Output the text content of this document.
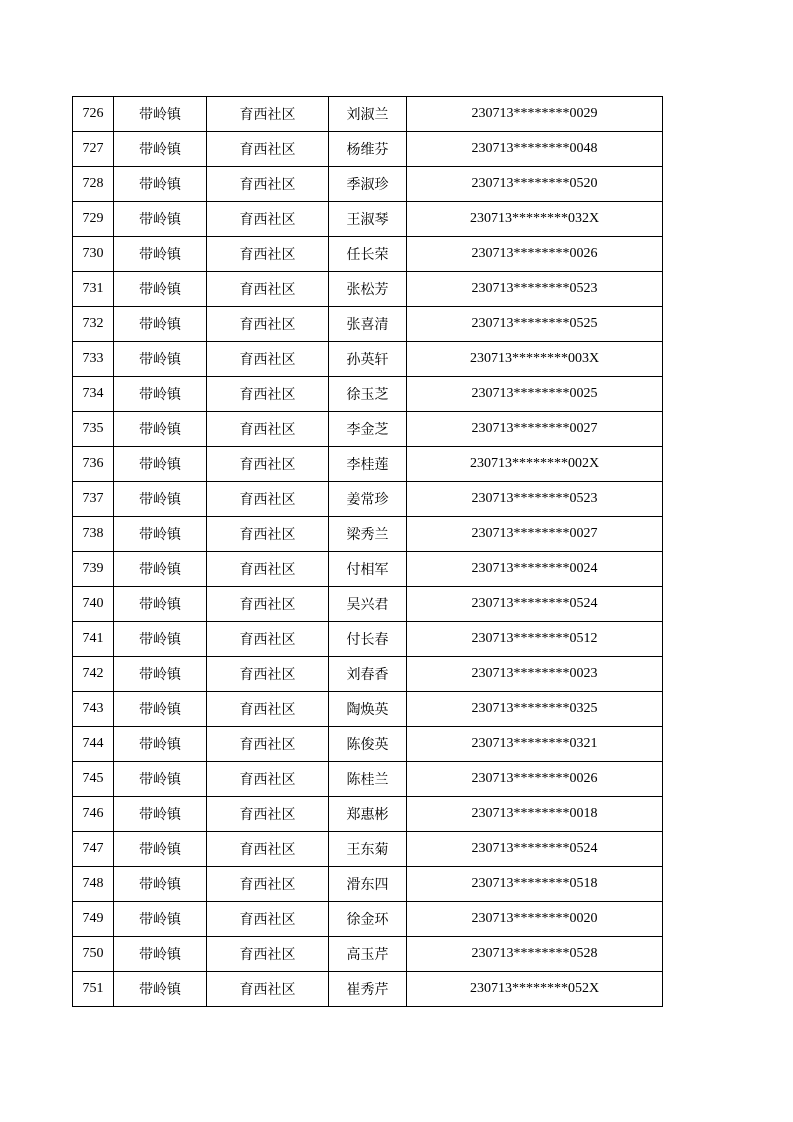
726	带岭镇	育西社区	刘淑兰	230713********0029
727	带岭镇	育西社区	杨维芬	230713********0048
728	带岭镇	育西社区	季淑珍	230713********0520
729	带岭镇	育西社区	王淑琴	230713********032X
730	带岭镇	育西社区	任长荣	230713********0026
731	带岭镇	育西社区	张松芳	230713********0523
732	带岭镇	育西社区	张喜清	230713********0525
733	带岭镇	育西社区	孙英轩	230713********003X
734	带岭镇	育西社区	徐玉芝	230713********0025
735	带岭镇	育西社区	李金芝	230713********0027
736	带岭镇	育西社区	李桂莲	230713********002X
737	带岭镇	育西社区	姜常珍	230713********0523
738	带岭镇	育西社区	梁秀兰	230713********0027
739	带岭镇	育西社区	付相军	230713********0024
740	带岭镇	育西社区	吴兴君	230713********0524
741	带岭镇	育西社区	付长春	230713********0512
742	带岭镇	育西社区	刘春香	230713********0023
743	带岭镇	育西社区	陶焕英	230713********0325
744	带岭镇	育西社区	陈俊英	230713********0321
745	带岭镇	育西社区	陈桂兰	230713********0026
746	带岭镇	育西社区	郑惠彬	230713********0018
747	带岭镇	育西社区	王东菊	230713********0524
748	带岭镇	育西社区	滑东四	230713********0518
749	带岭镇	育西社区	徐金环	230713********0020
750	带岭镇	育西社区	高玉芹	230713********0528
751	带岭镇	育西社区	崔秀芹	230713********052X
